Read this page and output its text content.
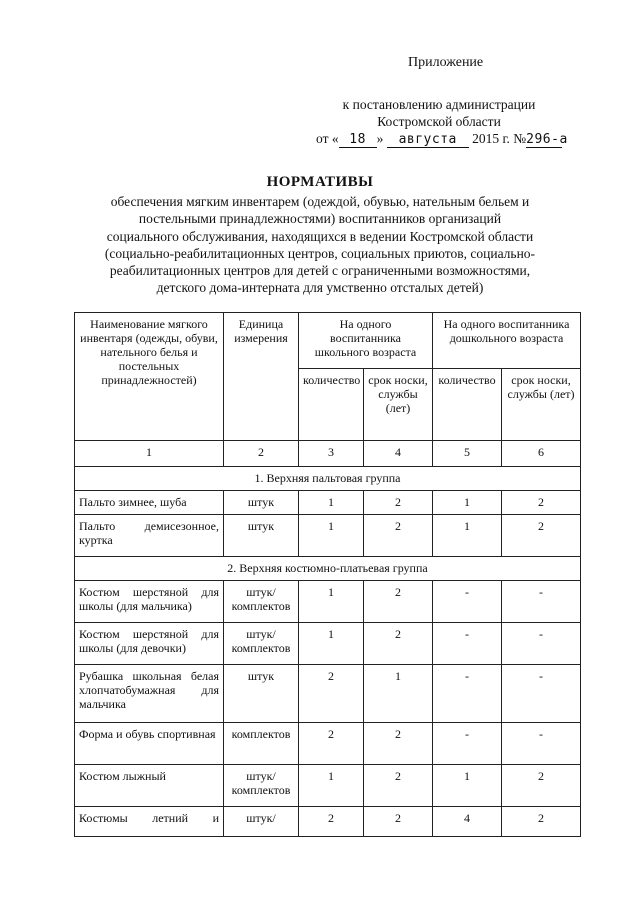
Приложение
к постановлению администрации
Костромской области
от « 18 » августа 2015 г. №296-а
НОРМАТИВЫ
обеспечения мягким инвентарем (одеждой, обувью, нательным бельем и
постельными принадлежностями) воспитанников организаций
социального обслуживания, находящихся в ведении Костромской области
(социально-реабилитационных центров, социальных приютов, социально-
реабилитационных центров для детей с ограниченными возможностями,
детского дома-интерната для умственно отсталых детей)
Наименование мягкого инвентаря (одежды, обуви, нательного белья и постельных принадлежностей)	Единица измерения	На одного воспитанника школьного возраста		На одного воспитанника дошкольного возраста	
		количество	срок носки, службы (лет)	количество	срок носки, службы (лет)
1	2	3	4	5	6
1. Верхняя пальтовая группа					
Пальто зимнее, шуба	штук	1	2	1	2
Пальто демисезонное, куртка	штук	1	2	1	2
2. Верхняя костюмно-платьевая группа					
Костюм шерстяной для школы (для мальчика)	штук/ комплектов	1	2	-	-
Костюм шерстяной для школы (для девочки)	штук/ комплектов	1	2	-	-
Рубашка школьная белая хлопчатобумажная для мальчика	штук	2	1	-	-
Форма и обувь спортивная	комплектов	2	2	-	-
Костюм лыжный	штук/ комплектов	1	2	1	2
Костюмы летний и	штук/	2	2	4	2
